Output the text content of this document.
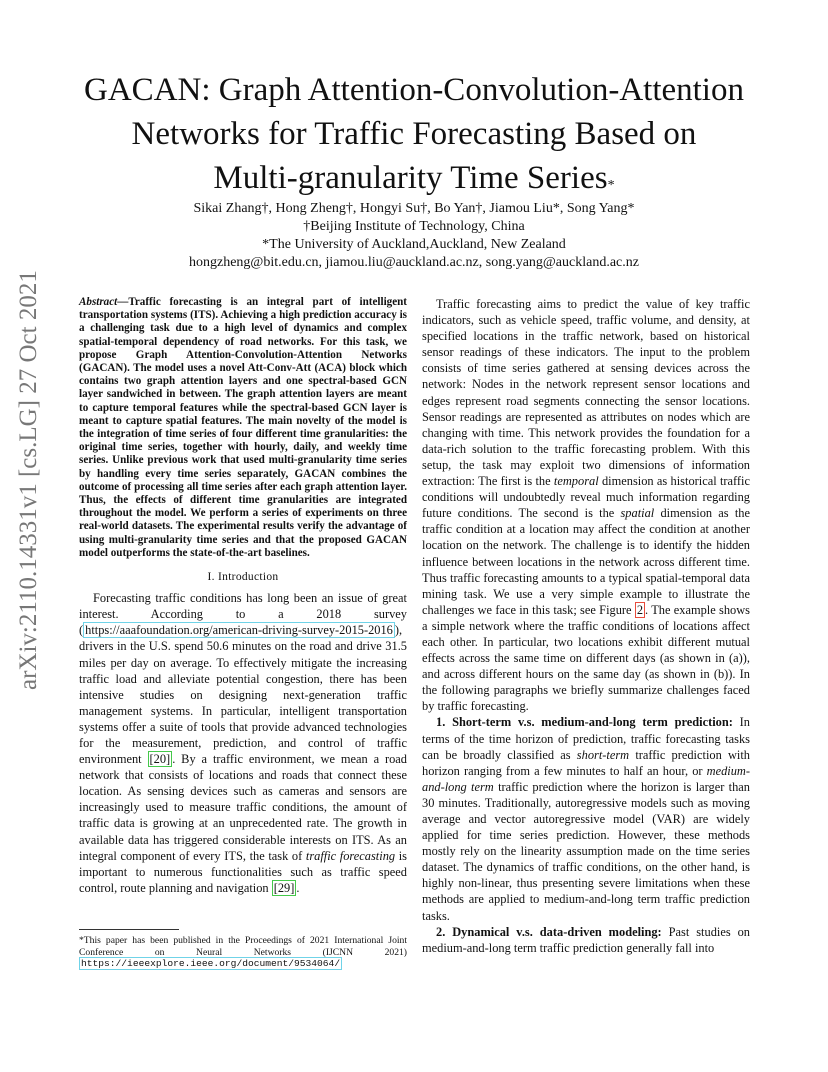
GACAN: Graph Attention-Convolution-Attention
Networks for Traffic Forecasting Based on
Multi-granularity Time Series*
Sikai Zhang†, Hong Zheng†, Hongyi Su†, Bo Yan†, Jiamou Liu*, Song Yang*
†Beijing Institute of Technology, China
*The University of Auckland,Auckland, New Zealand
hongzheng@bit.edu.cn, jiamou.liu@auckland.ac.nz, song.yang@auckland.ac.nz
arXiv:2110.14331v1 [cs.LG] 27 Oct 2021	Abstract—Traffic forecasting is an integral part of intelligent transportation systems (ITS). Achieving a high prediction accuracy is a challenging task due to a high level of dynamics and complex spatial-temporal dependency of road networks. For this task, we propose Graph Attention-Convolution-Attention Networks (GACAN). The model uses a novel Att-Conv-Att (ACA) block which contains two graph attention layers and one spectral-based GCN layer sandwiched in between. The graph attention layers are meant to capture temporal features while the spectral-based GCN layer is meant to capture spatial features. The main novelty of the model is the integration of time series of four different time granularities: the original time series, together with hourly, daily, and weekly time series. Unlike previous work that used multi-granularity time series by handling every time series separately, GACAN combines the outcome of processing all time series after each graph attention layer. Thus, the effects of different time granularities are integrated throughout the model. We perform a series of experiments on three real-world datasets. The experimental results verify the advantage of using multi-granularity time series and that the proposed GACAN model outperforms the state-of-the-art baselines.
I. Introduction

Forecasting traffic conditions has long been an issue of great interest. According to a 2018 survey ( https://aaafoundation.org/american-driving-survey-2015-2016 ), drivers in the U.S. spend 50.6 minutes on the road and drive 31.5 miles per day on average. To effectively mitigate the increasing traffic load and alleviate potential congestion, there has been intensive studies on designing next-generation traffic management systems. In particular, intelligent transportation systems offer a suite of tools that provide advanced technologies for the measurement, prediction, and control of traffic environment [20] . By a traffic environment, we mean a road network that consists of locations and roads that connect these location. As sensing devices such as cameras and sensors are increasingly used to measure traffic conditions, the amount of traffic data is growing at an unprecedented rate. The growth in available data has triggered considerable interests on ITS. As an integral component of every ITS, the task of traffic forecasting is important to numerous functionalities such as traffic speed control, route planning and navigation [29] .

*This paper has been published in the Proceedings of 2021 International Joint Conference on Neural Networks (IJCNN 2021) https://ieeexplore.ieee.org/document/9534064/

Traffic forecasting aims to predict the value of key traffic indicators, such as vehicle speed, traffic volume, and density, at specified locations in the traffic network, based on historical sensor readings of these indicators. The input to the problem consists of time series gathered at sensing devices across the network: Nodes in the network represent sensor locations and edges represent road segments connecting the sensor locations. Sensor readings are represented as attributes on nodes which are changing with time. This network provides the foundation for a data-rich solution to the traffic forecasting problem. With this setup, the task may exploit two dimensions of information extraction: The first is the temporal dimension as historical traffic conditions will undoubtedly reveal much information regarding future conditions. The second is the spatial dimension as the traffic condition at a location may affect the condition at another location on the network. The challenge is to identify the hidden influence between locations in the network across different time. Thus traffic forecasting amounts to a typical spatial-temporal data mining task. We use a very simple example to illustrate the challenges we face in this task; see Figure 2 . The example shows a simple network where the traffic conditions of locations affect each other. In particular, two locations exhibit different mutual effects across the same time on different days (as shown in (a)), and across different hours on the same day (as shown in (b)). In the following paragraphs we briefly summarize challenges faced by traffic forecasting.

1. Short-term v.s. medium-and-long term prediction: In terms of the time horizon of prediction, traffic forecasting tasks can be broadly classified as short-term traffic prediction with horizon ranging from a few minutes to half an hour, or medium-and-long term traffic prediction where the horizon is larger than 30 minutes. Traditionally, autoregressive models such as moving average and vector autoregressive model (VAR) are widely applied for time series prediction. However, these methods mostly rely on the linearity assumption made on the time series dataset. The dynamics of traffic conditions, on the other hand, is highly non-linear, thus presenting severe limitations when these methods are applied to medium-and-long term traffic prediction tasks.

2. Dynamical v.s. data-driven modeling: Past studies on medium-and-long term traffic prediction generally fall into
